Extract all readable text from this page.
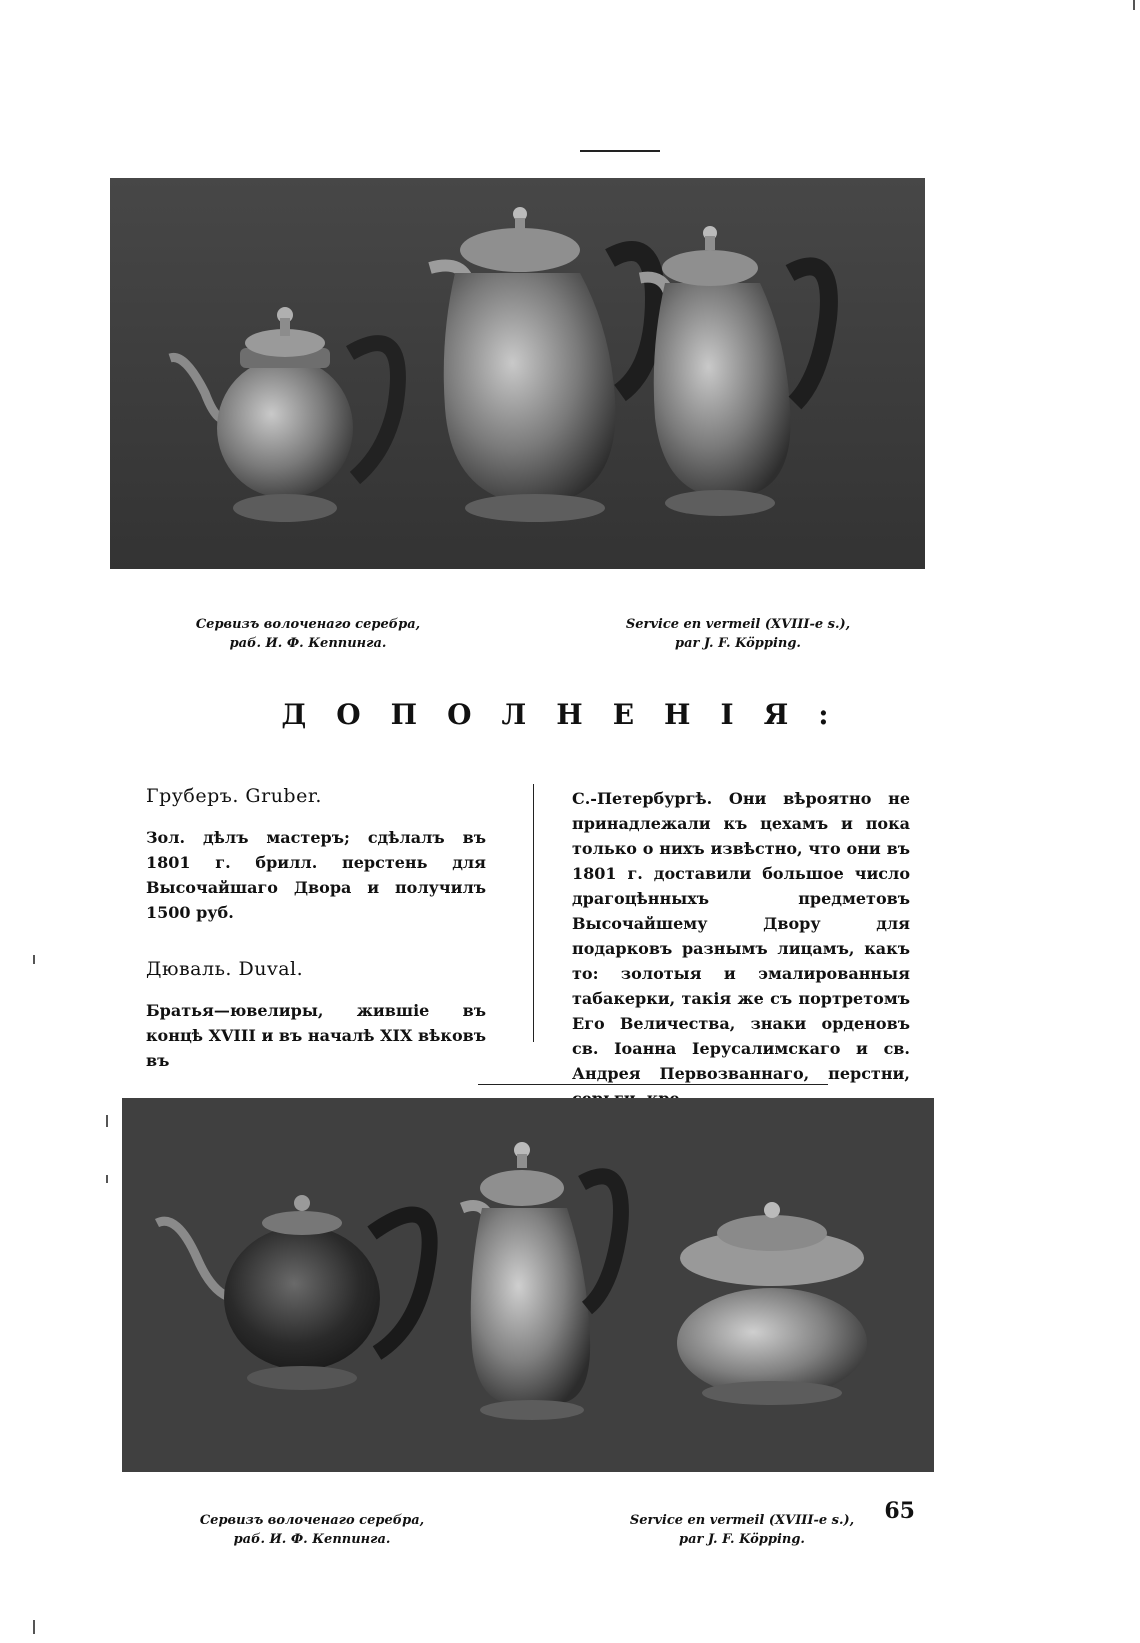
Сервизъ волоченаго серебра,
раб. И. Ф. Кеппинга.
Service en vermeil (XVIII-e s.),
par J. F. Köpping.
ДОПОЛНЕНІЯ:
Груберъ. Gruber.

Зол. дѣлъ мастеръ; сдѣлалъ въ 1801 г. брилл. перстень для Высочайшаго Двора и получилъ 1500 руб.

Дюваль. Duval.

Братья—ювелиры, жившіе въ концѣ XVIII и въ началѣ XIX вѣковъ въ

С.-Петербургѣ. Они вѣроятно не принадлежали къ цехамъ и пока только о нихъ извѣстно, что они въ 1801 г. доставили большое число драгоцѣнныхъ предметовъ Высочайшему Двору для подарковъ разнымъ лицамъ, какъ то: золотыя и эмалированныя табакерки, такія же съ портретомъ Его Величества, знаки орденовъ св. Іоанна Іерусалимскаго и св. Андрея Первозваннаго, перстни,

Сервизъ волоченаго серебра,
раб. И. Ф. Кеппинга.
Service en vermeil (XVIII-e s.),
par J. F. Köpping.
65
